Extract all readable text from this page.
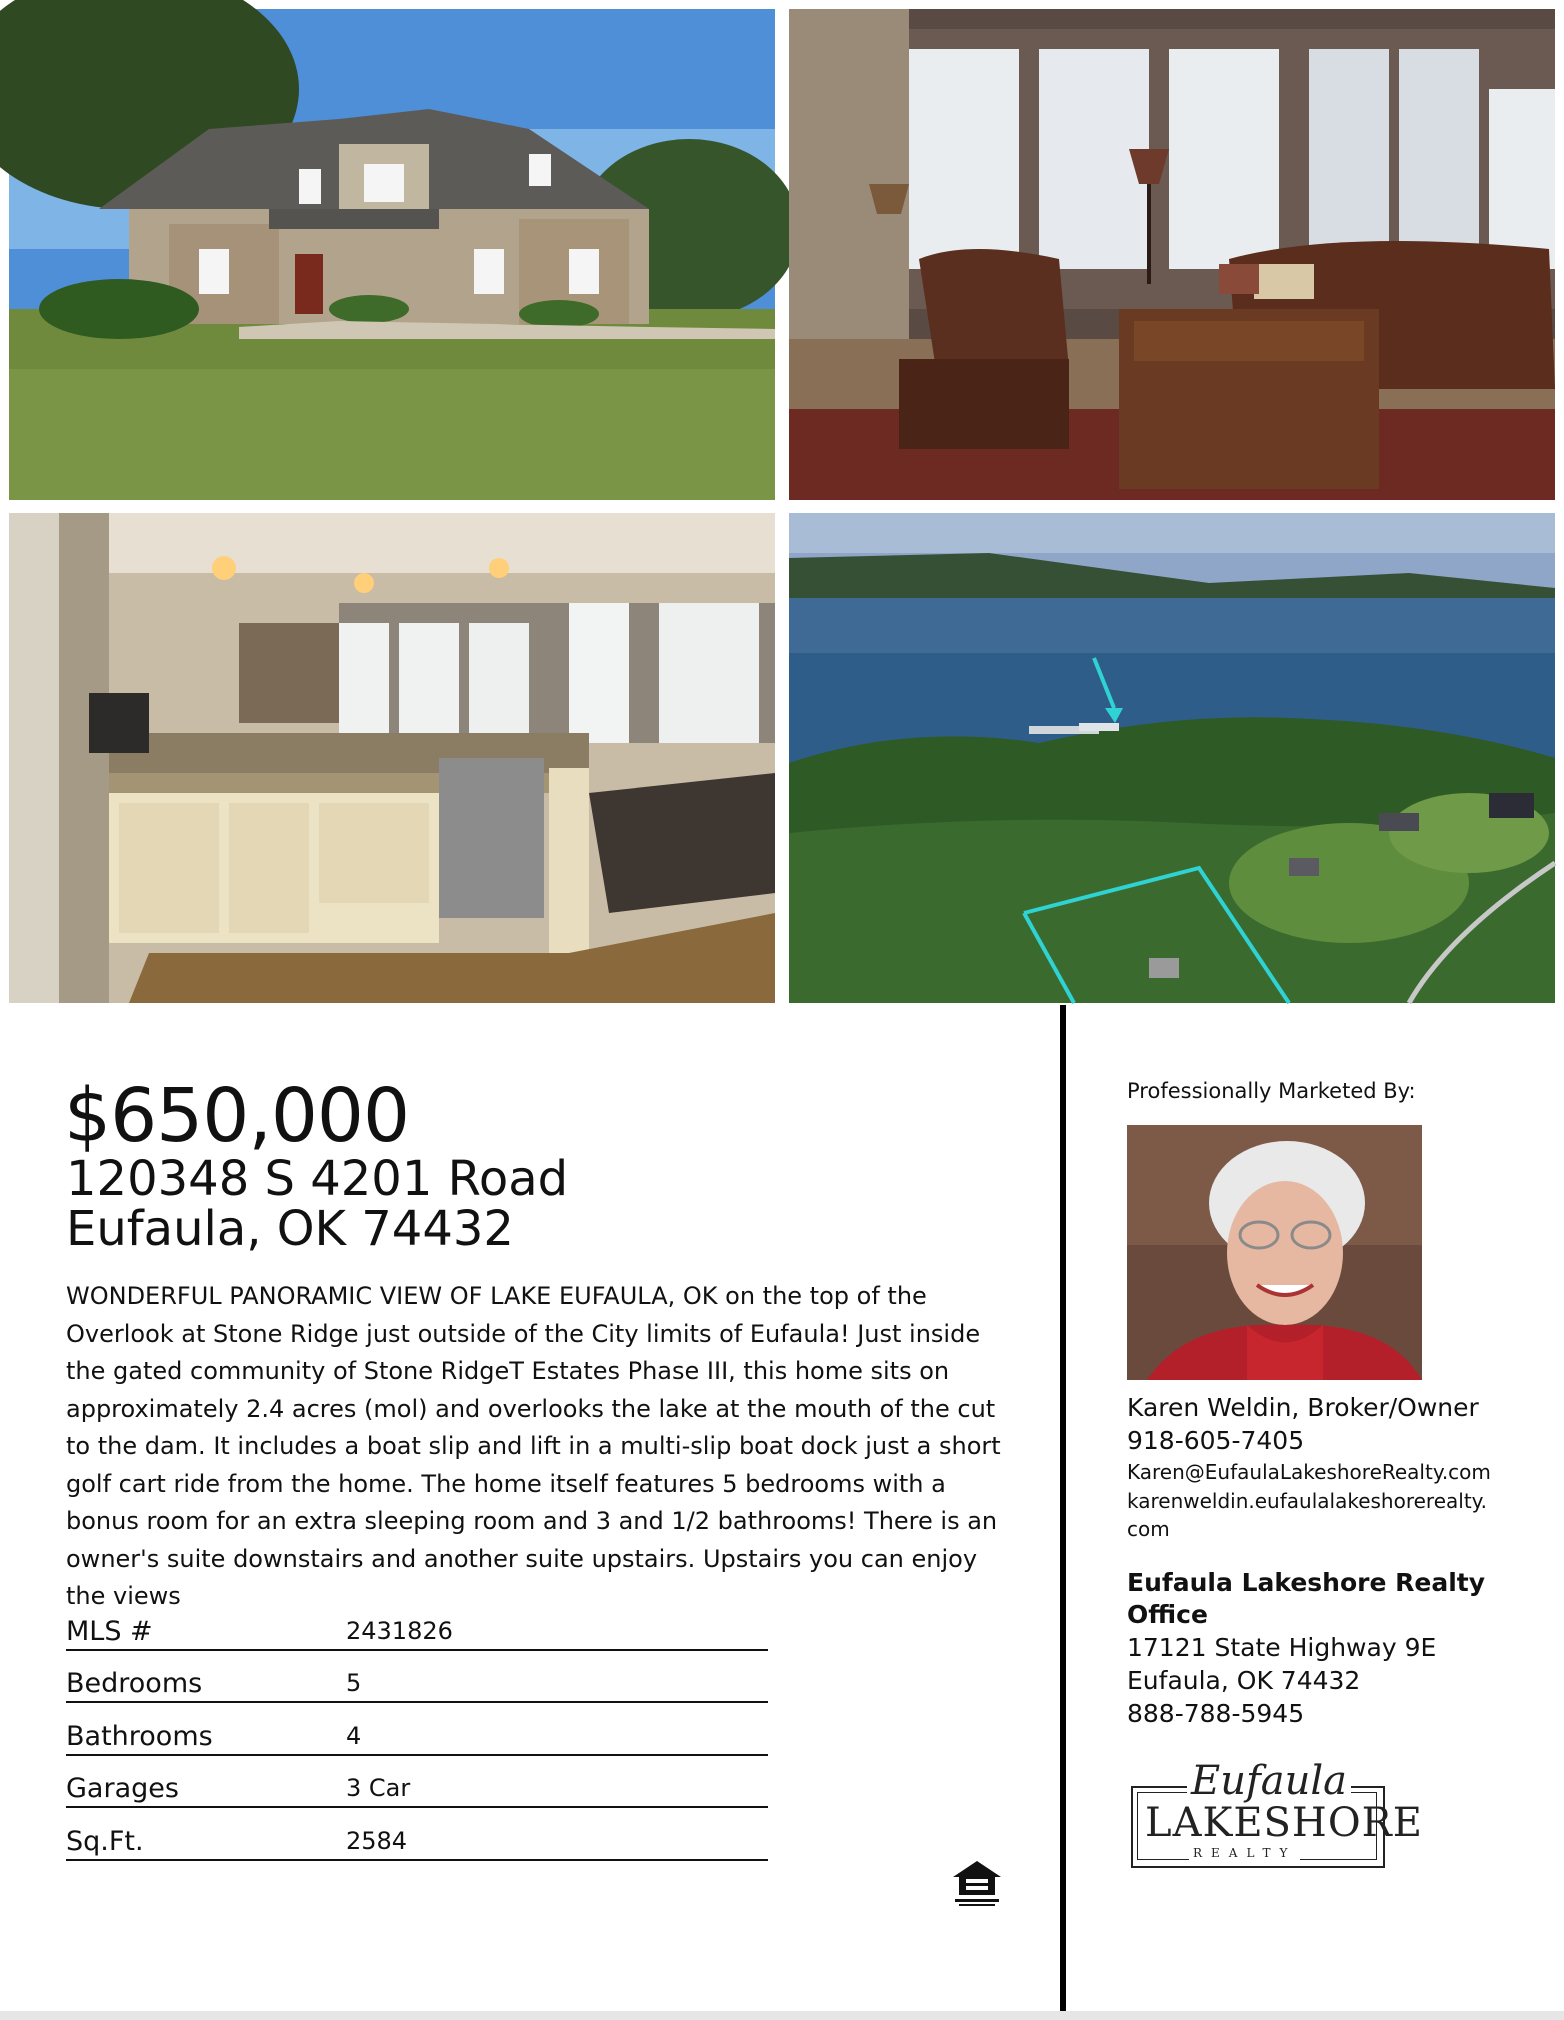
$650,000
120348 S 4201 Road
Eufaula, OK 74432
WONDERFUL PANORAMIC VIEW OF LAKE EUFAULA, OK on the top of the Overlook at Stone Ridge just outside of the City limits of Eufaula! Just inside the gated community of Stone RidgeT Estates Phase III, this home sits on approximately 2.4 acres (mol) and overlooks the lake at the mouth of the cut to the dam. It includes a boat slip and lift in a multi-slip boat dock just a short golf cart ride from the home. The home itself features 5 bedrooms with a bonus room for an extra sleeping room and 3 and 1/2 bathrooms! There is an owner's suite downstairs and another suite upstairs. Upstairs you can enjoy the views
MLS #	2431826
Bedrooms	5
Bathrooms	4
Garages	3 Car
Sq.Ft.	2584
Professionally Marketed By:
Karen Weldin, Broker/Owner
918-605-7405
Karen@EufaulaLakeshoreRealty.com
karenweldin.eufaulalakeshorerealty.com
Eufaula Lakeshore Realty Office
17121 State Highway 9E
Eufaula, OK 74432
888-788-5945
Eufaula
LAKESHORE
REALTY
